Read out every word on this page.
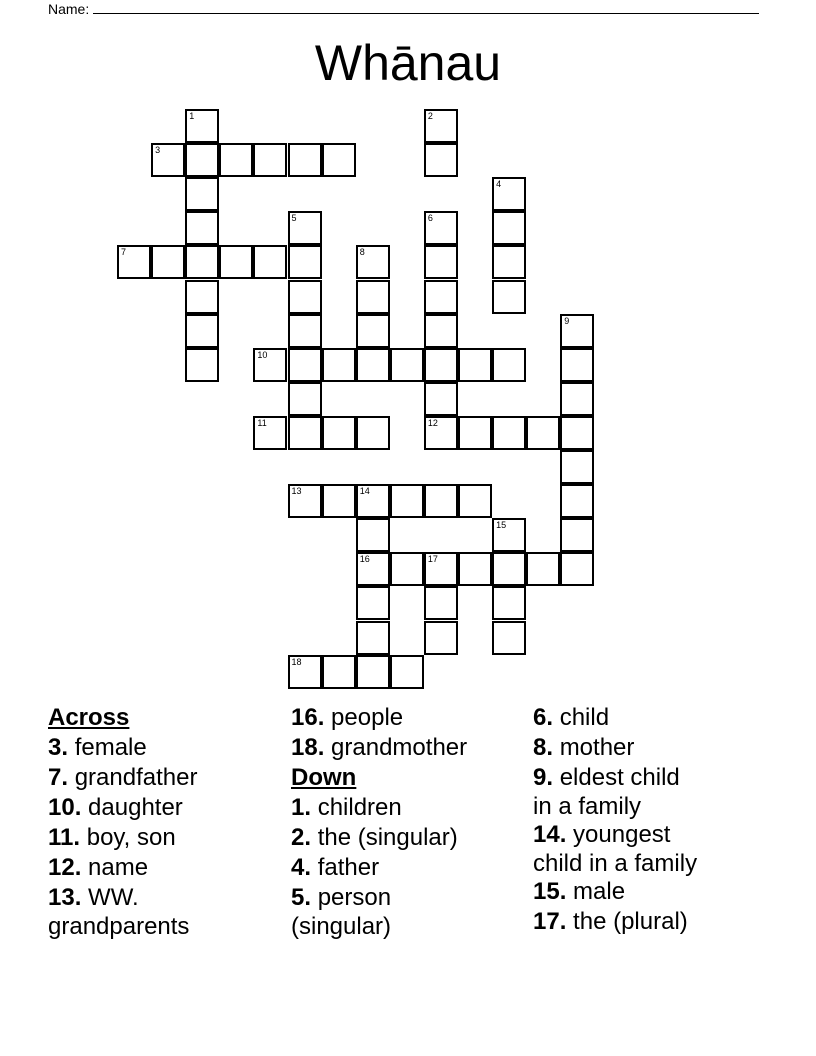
Name:
Whānau
1	2
3
4
5	6
12
7	8
9
10
11
13	14
16
15
17
18
Across
3. female
7. grandfather
10. daughter
11. boy, son
12. name
13. WW.
grandparents
16. people
18. grandmother
Down
1. children
2. the (singular)
4. father
5. person
(singular)
6. child
8. mother
9. eldest child
in a family
14. youngest
child in a family
15. male
17. the (plural)
